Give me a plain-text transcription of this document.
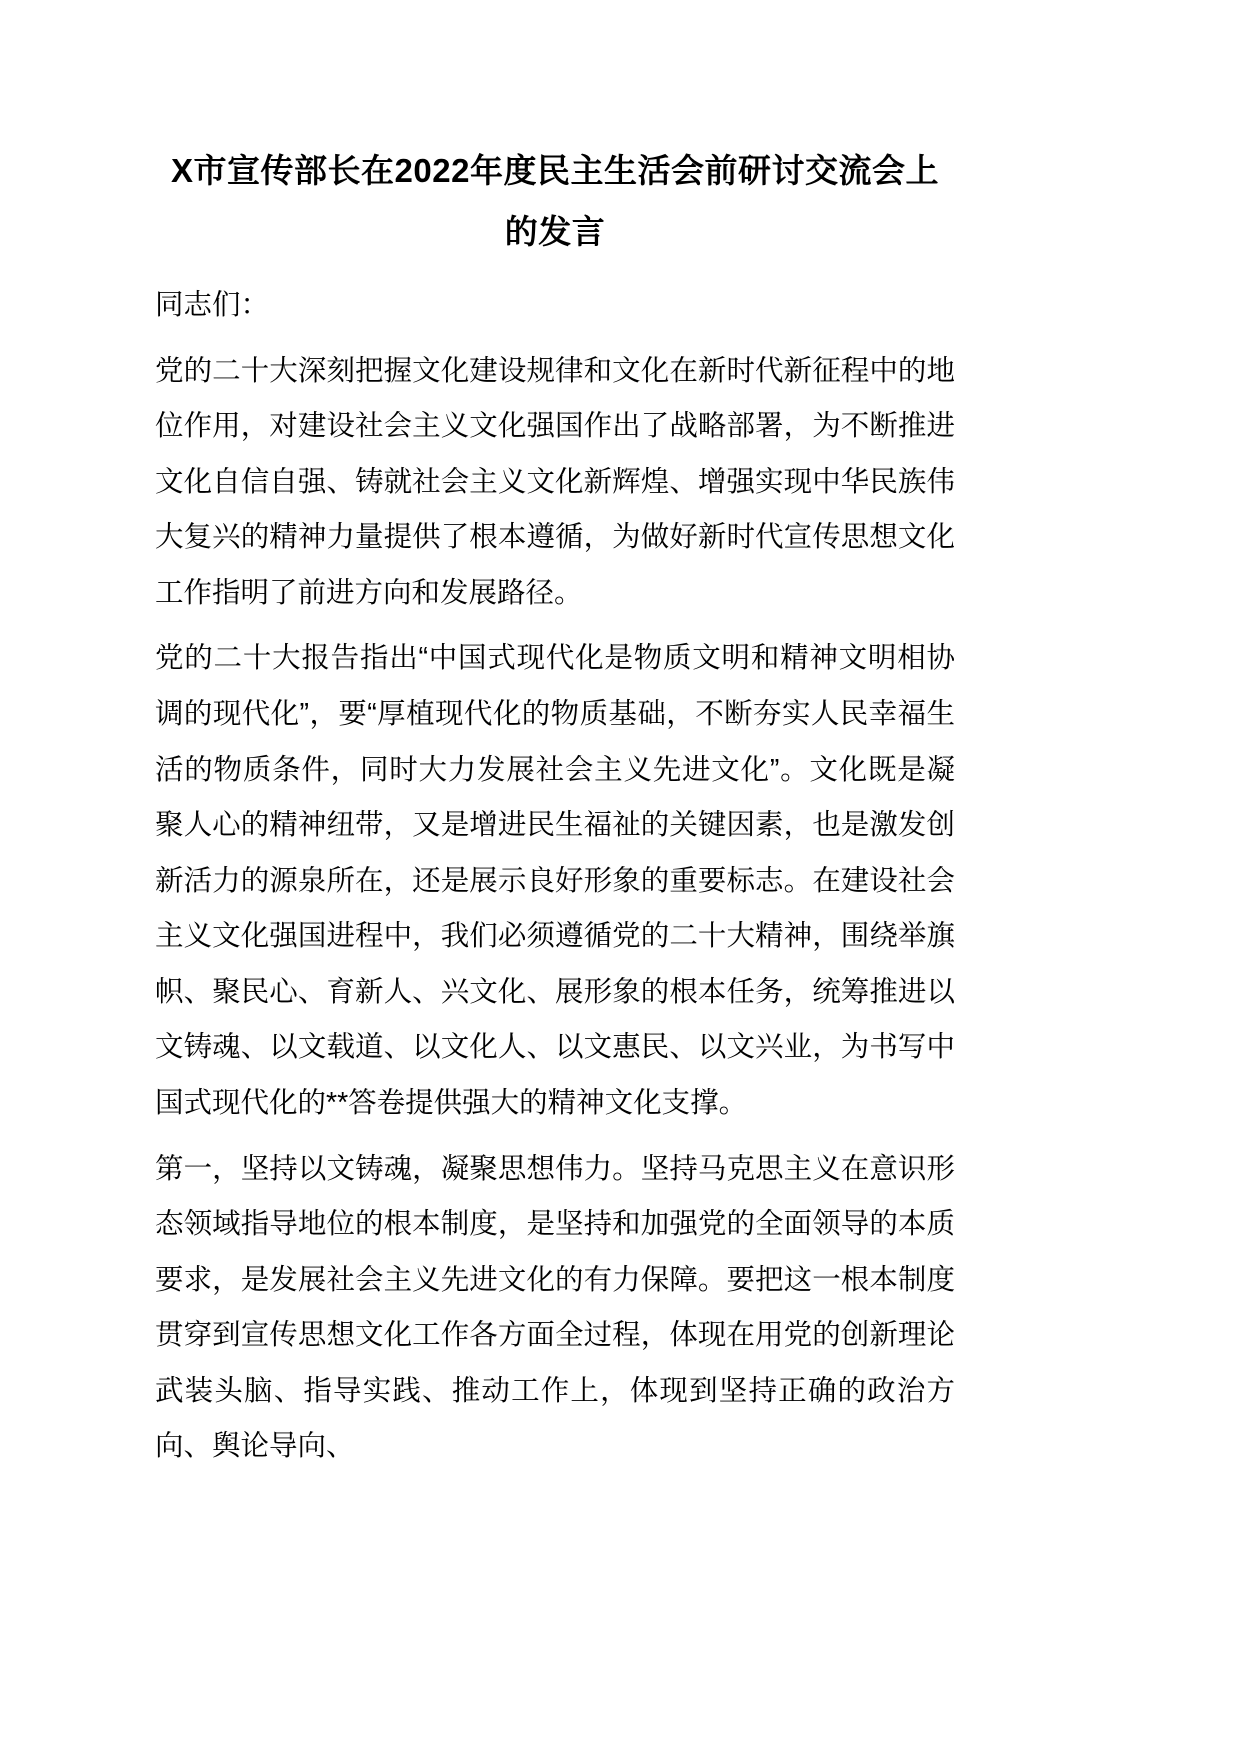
X市宣传部长在2022年度民主生活会前研讨交流会上的发言

同志们：

党的二十大深刻把握文化建设规律和文化在新时代新征程中的地位作用，对建设社会主义文化强国作出了战略部署，为不断推进文化自信自强、铸就社会主义文化新辉煌、增强实现中华民族伟大复兴的精神力量提供了根本遵循，为做好新时代宣传思想文化工作指明了前进方向和发展路径。

党的二十大报告指出“中国式现代化是物质文明和精神文明相协调的现代化”，要“厚植现代化的物质基础，不断夯实人民幸福生活的物质条件，同时大力发展社会主义先进文化”。文化既是凝聚人心的精神纽带，又是增进民生福祉的关键因素，也是激发创新活力的源泉所在，还是展示良好形象的重要标志。在建设社会主义文化强国进程中，我们必须遵循党的二十大精神，围绕举旗帜、聚民心、育新人、兴文化、展形象的根本任务，统筹推进以文铸魂、以文载道、以文化人、以文惠民、以文兴业，为书写中国式现代化的**答卷提供强大的精神文化支撑。

第一，坚持以文铸魂，凝聚思想伟力。坚持马克思主义在意识形态领域指导地位的根本制度，是坚持和加强党的全面领导的本质要求，是发展社会主义先进文化的有力保障。要把这一根本制度贯穿到宣传思想文化工作各方面全过程，体现在用党的创新理论武装头脑、指导实践、推动工作上，体现到坚持正确的政治方向、舆论导向、
